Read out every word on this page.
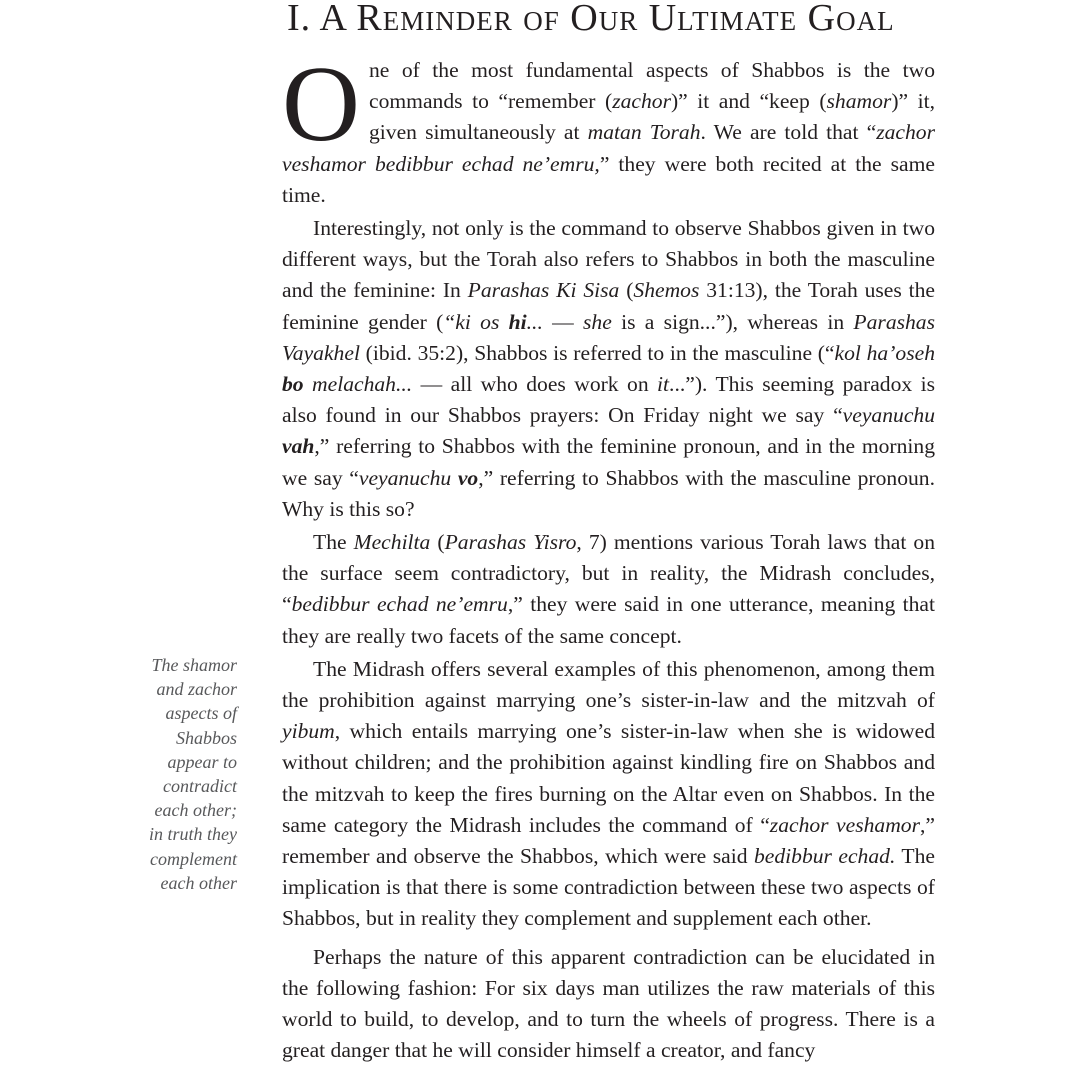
I. A Reminder of Our Ultimate Goal

One of the most fundamental aspects of Shabbos is the two commands to “remember (zachor)” it and “keep (shamor)” it, given simultaneously at matan Torah. We are told that “zachor veshamor bedibbur echad ne’emru,” they were both recited at the same time.

Interestingly, not only is the command to observe Shabbos given in two different ways, but the Torah also refers to Shabbos in both the masculine and the feminine: In Parashas Ki Sisa (Shemos 31:13), the Torah uses the feminine gender (“ki os hi... — she is a sign...”), whereas in Parashas Vayakhel (ibid. 35:2), Shabbos is referred to in the masculine (“kol ha’oseh bo melachah... — all who does work on it...”). This seeming paradox is also found in our Shabbos prayers: On Friday night we say “veyanuchu vah,” referring to Shabbos with the feminine pronoun, and in the morning we say “veyanuchu vo,” referring to Shabbos with the masculine pronoun. Why is this so?

The Mechilta (Parashas Yisro, 7) mentions various Torah laws that on the surface seem contradictory, but in reality, the Midrash concludes, “bedibbur echad ne’emru,” they were said in one utterance, meaning that they are really two facets of the same concept.

The Midrash offers several examples of this phenomenon, among them the prohibition against marrying one’s sister-in-law and the mitzvah of yibum, which entails marrying one’s sister-in-law when she is widowed without children; and the prohibition against kindling fire on Shabbos and the mitzvah to keep the fires burning on the Altar even on Shabbos. In the same category the Midrash includes the command of “zachor veshamor,” remember and observe the Shabbos, which were said bedibbur echad. The implication is that there is some contradiction between these two aspects of Shabbos, but in reality they complement and supplement each other.

Perhaps the nature of this apparent contradiction can be elucidated in the following fashion: For six days man utilizes the raw materials of this world to build, to develop, and to turn the wheels of progress. There is a great danger that he will consider himself a creator, and fancy

The shamor
and zachor
aspects of
Shabbos
appear to
contradict
each other;
in truth they
complement
each other
